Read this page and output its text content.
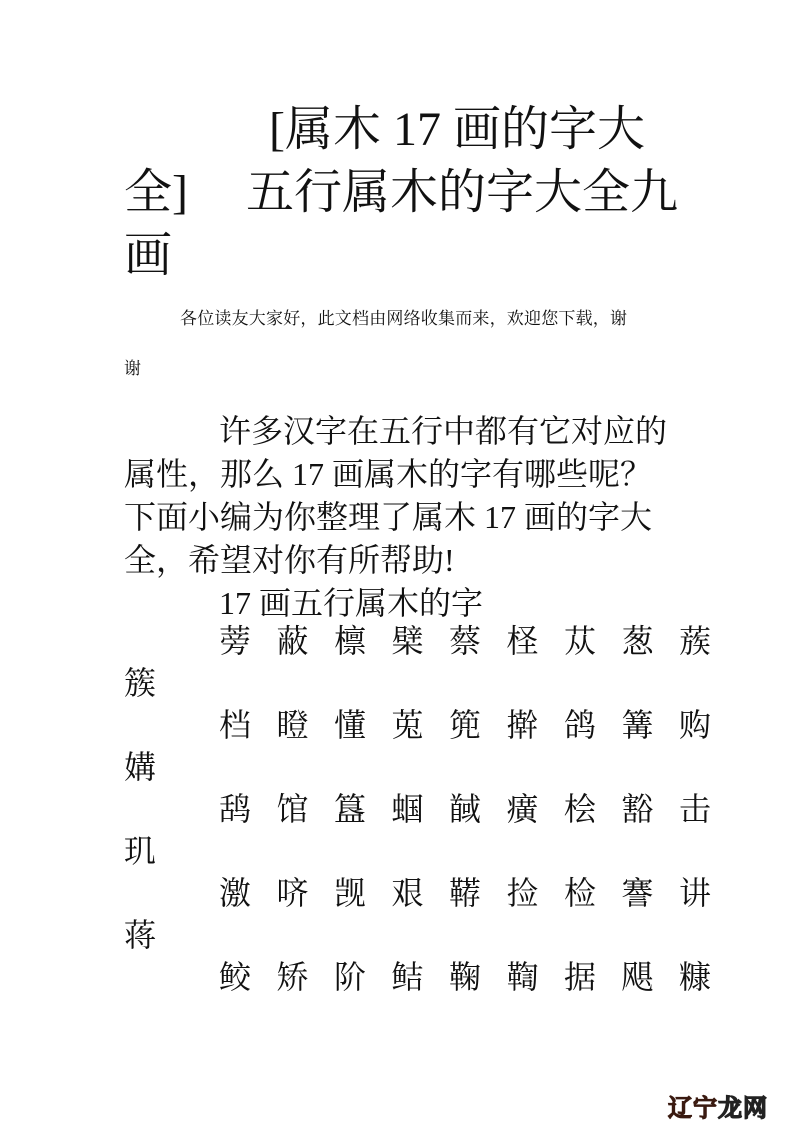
[属木 17 画的字大
全] 五行属木的字大全九
画

各位读友大家好，此文档由网络收集而来，欢迎您下载，谢
谢

许多汉字在五行中都有它对应的
属性，那么 17 画属木的字有哪些呢？
下面小编为你整理了属木 17 画的字大
全，希望对你有所帮助!
17 画五行属木的字
蒡 蔽 檩 檗 蔡 柽 苁 葱 蔟
簇
档 瞪 懂 莵 篼 擀 鸽 篝 购
媾
鸹 馆 簋 蝈 馘 癀 桧 豁 击
玑
激 哜 觊 艰 鞯 捡 检 謇 讲
蒋
鲛 矫 阶 鲒 鞠 鞫 据 飓 糠
辽宁龙网
